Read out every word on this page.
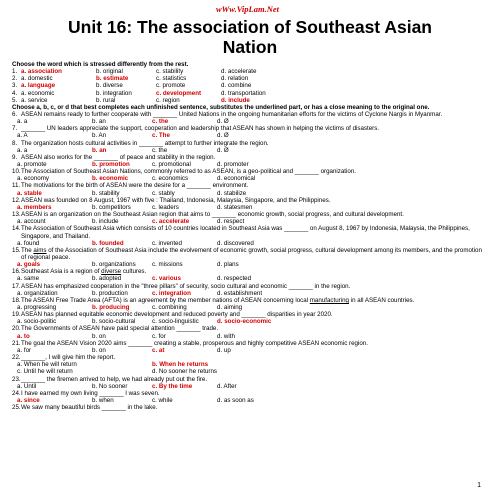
wWw.VipLam.Net
Unit 16: The association of Southeast Asian
Nation
Choose the word which is stressed differently from the rest.
1. a. association	b. original	c. stability	d. accelerate
2. a. domestic	b. estimate	c. statistics	d. relation
3. a. language	b. diverse	c. promote	d. combine
4. a. economic	b. integration	c. development	d. transportation
5. a. service	b. rural	c. region	d. include
Choose a, b, c, or d that best completes each unfinished sentence, substitutes the underlined part, or has a close meaning to the original one.
6. ASEAN remains ready to further cooperate with _______ United Nations in the ongoing humanitarian efforts for the victims of Cyclone Nargis in Myanmar.
a. a	b. an	c. the	d. Ø
7. _______ UN leaders appreciate the support, cooperation and leadership that ASEAN has shown in helping the victims of disasters.
a. A	b. An	c. The	d. Ø
8. The organization hosts cultural activities in _______ attempt to further integrate the region.
a. a	b. an	c. the	d. Ø
9. ASEAN also works for the _______ of peace and stability in the region.
a. promote	b. promotion	c. promotional	d. promoter
10. The Association of Southeast Asian Nations, commonly referred to as ASEAN, is a geo-political and _______ organization.
a. economy	b. economic	c. economics	d. economical
11. The motivations for the birth of ASEAN were the desire for a _______ environment.
a. stable	b. stability	c. stably	d. stabilize
12. ASEAN was founded on 8 August, 1967 with five : Thailand, Indonesia, Malaysia, Singapore, and the Philippines.
a. members	b. competitors	c. leaders	d. statesmen
13. ASEAN is an organization on the Southeast Asian region that aims to _______ economic growth, social progress, and cultural development.
a. account	b. include	c. accelerate	d. respect
14. The Association of Southeast Asia which consists of 10 countries located in Southeast Asia was _______ on August 8, 1967 by Indonesia, Malaysia, the Philippines, Singapore, and Thailand.
a. found	b. founded	c. invented	d. discovered
15. The aims of the Association of Southeast Asia include the evolvement of economic growth, social progress, cultural development among its members, and the promotion of regional peace.
a. goals	b. organizations	c. missions	d. plans
16. Southeast Asia is a region of diverse cultures.
a. same	b. adopted	c. various	d. respected
17. ASEAN has emphasized cooperation in the "three pillars" of security, socio cultural and economic _______ in the region.
a. organization	b. production	c. integration	d. establishment
18. The ASEAN Free Trade Area (AFTA) is an agreement by the member nations of ASEAN concerning local manufacturing in all ASEAN countries.
a. progressing	b. producing	c. combining	d. aiming
19. ASEAN has planned equitable economic development and reduced poverty and _______ disparities in year 2020.
a. socio-politic	b. socio-cultural	c. socio-linguistic	d. socio-economic
20. The Governments of ASEAN have paid special attention _______ trade.
a. to	b. on	c. for	d. with
21. The goal the ASEAN Vision 2020 aims _______ creating a stable, prosperous and highly competitive ASEAN economic region.
a. for	b. on	c. at	d. up
22. _______, I will give him the report.
a. When he will return	b. When he returns
c. Until he will return	d. No sooner he returns
23. _______ the firemen arrived to help, we had already put out the fire.
a. Until	b. No sooner	c. By the time	d. After
24. I have earned my own living _______ I was seven.
a. since	b. when	c. while	d. as soon as
25. We saw many beautiful birds _______ in the lake.
1
